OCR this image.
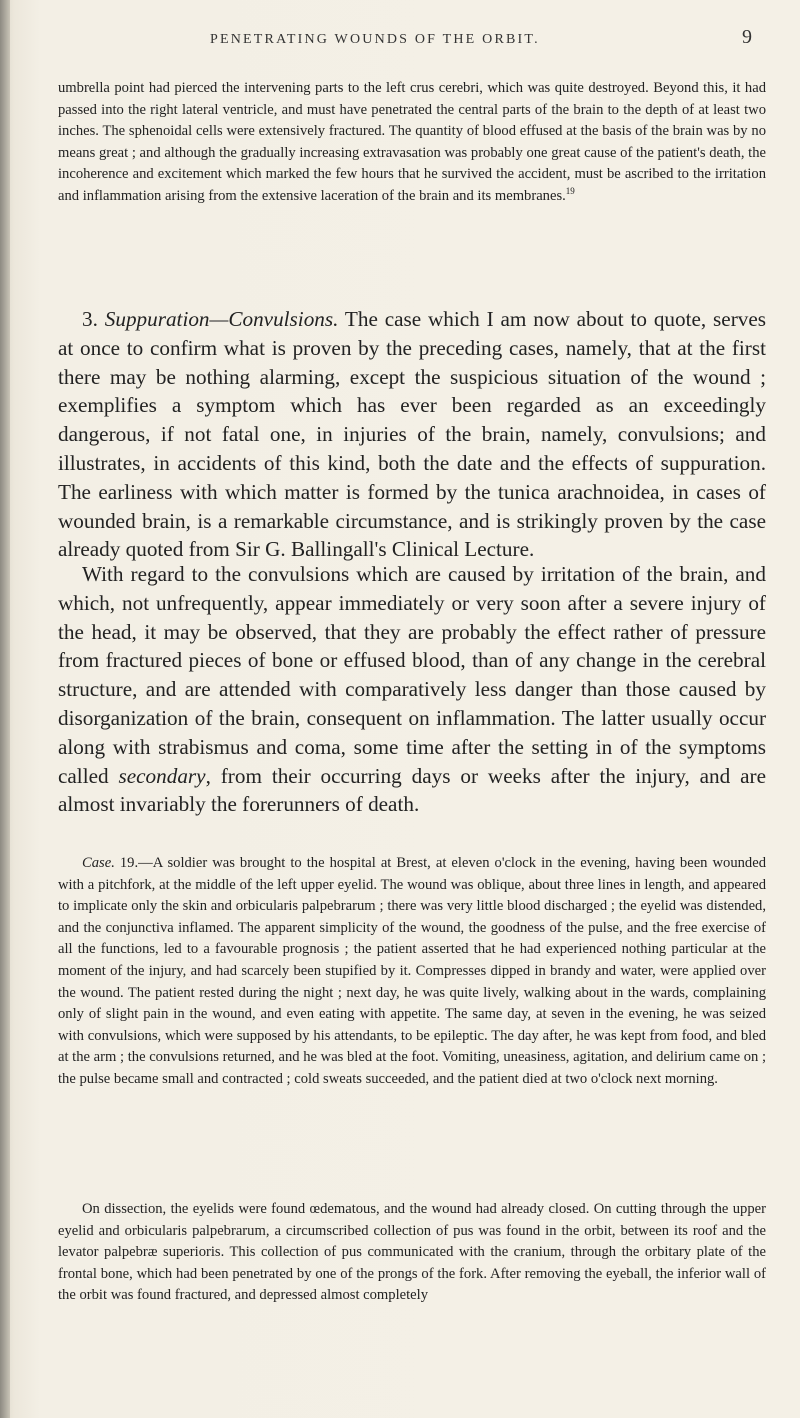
PENETRATING WOUNDS OF THE ORBIT.	9

umbrella point had pierced the intervening parts to the left crus cerebri, which was quite destroyed. Beyond this, it had passed into the right lateral ventricle, and must have penetrated the central parts of the brain to the depth of at least two inches. The sphenoidal cells were extensively fractured. The quantity of blood effused at the basis of the brain was by no means great ; and although the gradually increasing extravasation was probably one great cause of the patient's death, the incoherence and excitement which marked the few hours that he survived the accident, must be ascribed to the irritation and inflammation arising from the extensive laceration of the brain and its membranes.$^{19}$

3. Suppuration—Convulsions. The case which I am now about to quote, serves at once to confirm what is proven by the preceding cases, namely, that at the first there may be nothing alarming, except the suspicious situation of the wound ; exemplifies a symptom which has ever been regarded as an exceedingly dangerous, if not fatal one, in injuries of the brain, namely, convulsions; and illustrates, in accidents of this kind, both the date and the effects of suppuration. The earliness with which matter is formed by the tunica arachnoidea, in cases of wounded brain, is a remarkable circumstance, and is strikingly proven by the case already quoted from Sir G. Ballingall's Clinical Lecture.

With regard to the convulsions which are caused by irritation of the brain, and which, not unfrequently, appear immediately or very soon after a severe injury of the head, it may be observed, that they are probably the effect rather of pressure from fractured pieces of bone or effused blood, than of any change in the cerebral structure, and are attended with comparatively less danger than those caused by disorganization of the brain, consequent on inflammation. The latter usually occur along with strabismus and coma, some time after the setting in of the symptoms called secondary, from their occurring days or weeks after the injury, and are almost invariably the forerunners of death.

Case. 19.—A soldier was brought to the hospital at Brest, at eleven o'clock in the evening, having been wounded with a pitchfork, at the middle of the left upper eyelid. The wound was oblique, about three lines in length, and appeared to implicate only the skin and orbicularis palpebrarum ; there was very little blood discharged ; the eyelid was distended, and the conjunctiva inflamed. The apparent simplicity of the wound, the goodness of the pulse, and the free exercise of all the functions, led to a favourable prognosis ; the patient asserted that he had experienced nothing particular at the moment of the injury, and had scarcely been stupified by it. Compresses dipped in brandy and water, were applied over the wound. The patient rested during the night ; next day, he was quite lively, walking about in the wards, complaining only of slight pain in the wound, and even eating with appetite. The same day, at seven in the evening, he was seized with convulsions, which were supposed by his attendants, to be epileptic. The day after, he was kept from food, and bled at the arm ; the convulsions returned, and he was bled at the foot. Vomiting, uneasiness, agitation, and delirium came on ; the pulse became small and contracted ; cold sweats succeeded, and the patient died at two o'clock next morning.

On dissection, the eyelids were found œdematous, and the wound had already closed. On cutting through the upper eyelid and orbicularis palpebrarum, a circumscribed collection of pus was found in the orbit, between its roof and the levator palpebræ superioris. This collection of pus communicated with the cranium, through the orbitary plate of the frontal bone, which had been penetrated by one of the prongs of the fork. After removing the eyeball, the inferior wall of the orbit was found fractured, and depressed almost completely
